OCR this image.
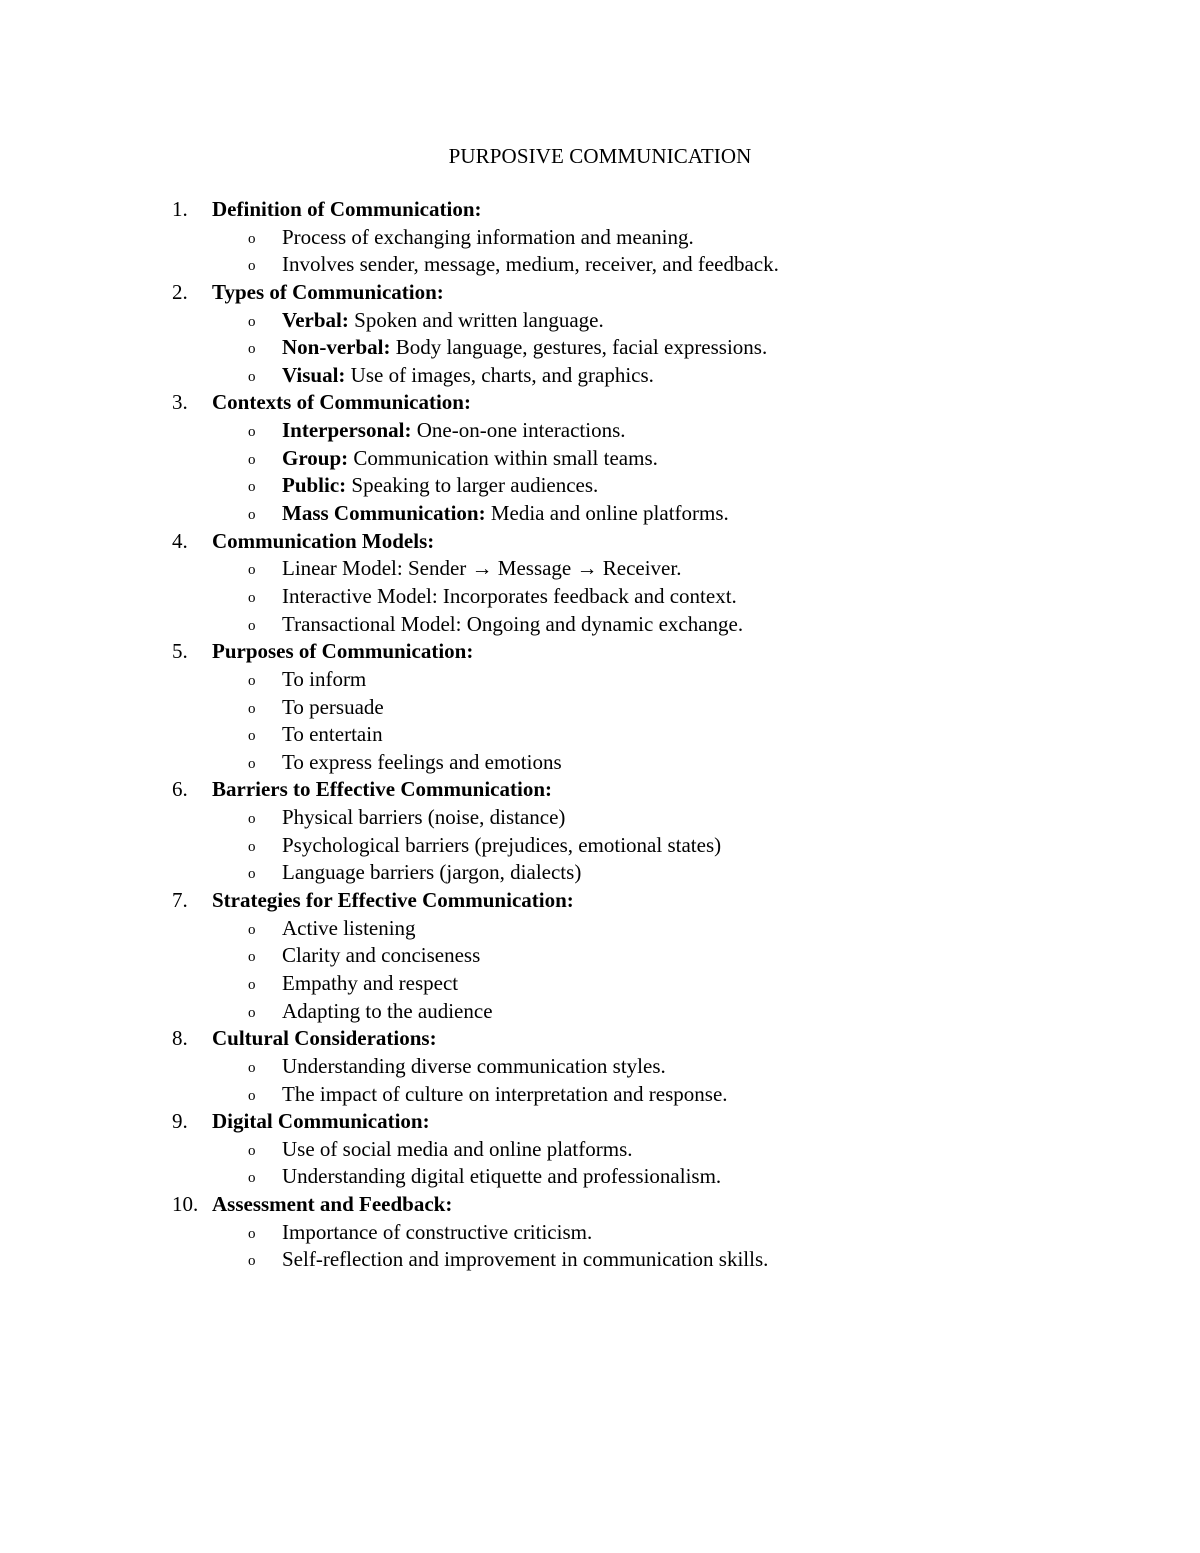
PURPOSIVE COMMUNICATION
1.	Definition of Communication:
o Process of exchanging information and meaning.
o Involves sender, message, medium, receiver, and feedback.
2.	Types of Communication:
o Verbal: Spoken and written language.
o Non-verbal: Body language, gestures, facial expressions.
o Visual: Use of images, charts, and graphics.
3.	Contexts of Communication:
o Interpersonal: One-on-one interactions.
o Group: Communication within small teams.
o Public: Speaking to larger audiences.
o Mass Communication: Media and online platforms.
4.	Communication Models:
o Linear Model: Sender → Message → Receiver.
o Interactive Model: Incorporates feedback and context.
o Transactional Model: Ongoing and dynamic exchange.
5.	Purposes of Communication:
o To inform
o To persuade
o To entertain
o To express feelings and emotions
6.	Barriers to Effective Communication:
o Physical barriers (noise, distance)
o Psychological barriers (prejudices, emotional states)
o Language barriers (jargon, dialects)
7.	Strategies for Effective Communication:
o Active listening
o Clarity and conciseness
o Empathy and respect
o Adapting to the audience
8.	Cultural Considerations:
o Understanding diverse communication styles.
o The impact of culture on interpretation and response.
9.	Digital Communication:
o Use of social media and online platforms.
o Understanding digital etiquette and professionalism.
10. Assessment and Feedback:
o Importance of constructive criticism.
o Self-reflection and improvement in communication skills.
